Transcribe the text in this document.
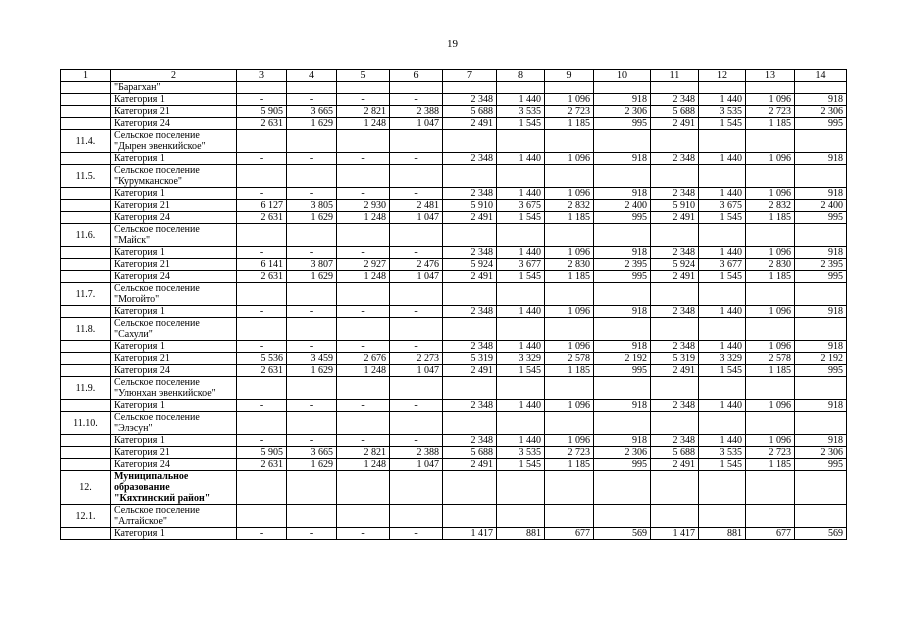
19
1	2	3	4	5	6	7	8	9	10	11	12	13	14
	"Барагхан"												
	Категория 1	-	-	-	-	2 348	1 440	1 096	918	2 348	1 440	1 096	918
	Категория 21	5 905	3 665	2 821	2 388	5 688	3 535	2 723	2 306	5 688	3 535	2 723	2 306
	Категория 24	2 631	1 629	1 248	1 047	2 491	1 545	1 185	995	2 491	1 545	1 185	995
11.4.	Сельское поселение
"Дырен эвенкийское"												
	Категория 1	-	-	-	-	2 348	1 440	1 096	918	2 348	1 440	1 096	918
11.5.	Сельское поселение
"Курумканское"												
	Категория 1	-	-	-	-	2 348	1 440	1 096	918	2 348	1 440	1 096	918
	Категория 21	6 127	3 805	2 930	2 481	5 910	3 675	2 832	2 400	5 910	3 675	2 832	2 400
	Категория 24	2 631	1 629	1 248	1 047	2 491	1 545	1 185	995	2 491	1 545	1 185	995
11.6.	Сельское поселение
"Майск"												
	Категория 1	-	-	-	-	2 348	1 440	1 096	918	2 348	1 440	1 096	918
	Категория 21	6 141	3 807	2 927	2 476	5 924	3 677	2 830	2 395	5 924	3 677	2 830	2 395
	Категория 24	2 631	1 629	1 248	1 047	2 491	1 545	1 185	995	2 491	1 545	1 185	995
11.7.	Сельское поселение
"Могойто"												
	Категория 1	-	-	-	-	2 348	1 440	1 096	918	2 348	1 440	1 096	918
11.8.	Сельское поселение
"Сахули"												
	Категория 1	-	-	-	-	2 348	1 440	1 096	918	2 348	1 440	1 096	918
	Категория 21	5 536	3 459	2 676	2 273	5 319	3 329	2 578	2 192	5 319	3 329	2 578	2 192
	Категория 24	2 631	1 629	1 248	1 047	2 491	1 545	1 185	995	2 491	1 545	1 185	995
11.9.	Сельское поселение
"Улюнхан эвенкийское"												
	Категория 1	-	-	-	-	2 348	1 440	1 096	918	2 348	1 440	1 096	918
11.10.	Сельское поселение
"Элэсун"												
	Категория 1	-	-	-	-	2 348	1 440	1 096	918	2 348	1 440	1 096	918
	Категория 21	5 905	3 665	2 821	2 388	5 688	3 535	2 723	2 306	5 688	3 535	2 723	2 306
	Категория 24	2 631	1 629	1 248	1 047	2 491	1 545	1 185	995	2 491	1 545	1 185	995
12.	Муниципальное
образование
"Кяхтинский район"												
12.1.	Сельское поселение
"Алтайское"												
	Категория 1	-	-	-	-	1 417	881	677	569	1 417	881	677	569
